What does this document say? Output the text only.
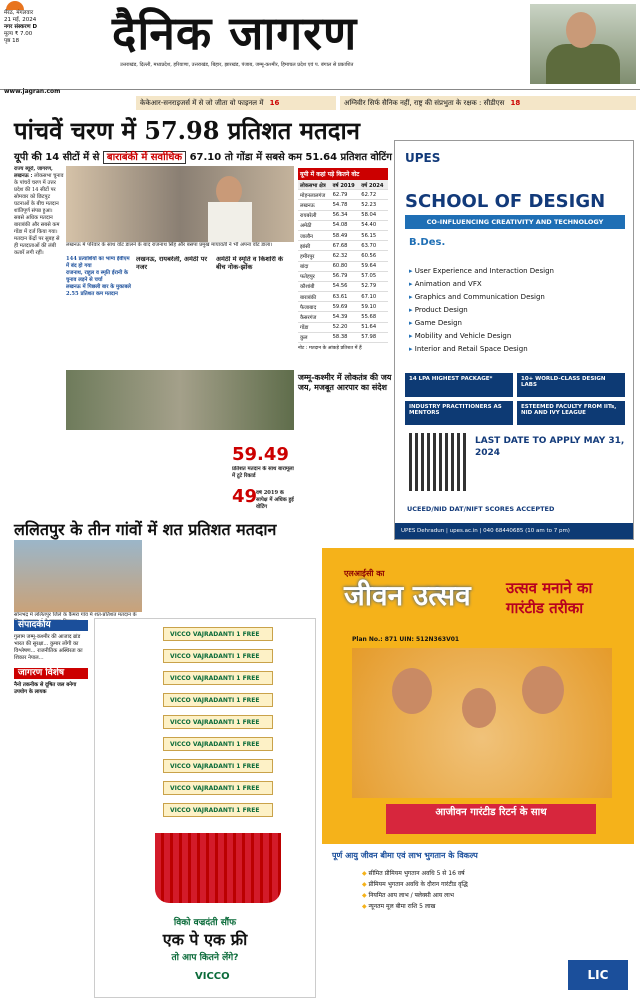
मेरठ, मंगलवार
21 मई, 2024
नगर संस्करण D
मूल्य ₹ 7.00
पृष्ठ 18	दैनिक जागरण
उत्तराखंड, दिल्ली, मध्यप्रदेश, हरियाणा, उत्तराखंड, बिहार, झारखंड, पंजाब, जम्मू-कश्मीर, हिमाचल प्रदेश एवं प. बंगाल से प्रकाशित
www.jagran.com
केकेआर-सनराइजर्स में से जो जीता वो फाइनल में 16	अग्निवीर सिर्फ सैनिक नहीं, राष्ट्र की संप्रभुता के रक्षक : सीडीएस 18
पांचवें चरण में 57.98 प्रतिशत मतदान
यूपी की 14 सीटों में से बाराबंकी में सर्वाधिक 67.10 तो गोंडा में सबसे कम 51.64 प्रतिशत वोटिंग
राज्य ब्यूरो, जागरण, लखनऊ : लोकसभा चुनाव के पांचवें चरण में उत्तर प्रदेश की 14 सीटों पर सोमवार को छिटपुट घटनाओं के बीच मतदान शांतिपूर्ण संपन्न हुआ। सबसे अधिक मतदान बाराबंकी और सबसे कम गोंडा में दर्ज किया गया। मतदान केंद्रों पर सुबह से ही मतदाताओं की लंबी कतारें लगी रहीं।
लखनऊ में परिवार के साथ वोट डालने के बाद राजनाथ सिंह और बसपा प्रमुख मायावती ने भी अपना वोट डाला।
144 प्रत्याशियों का भाग्य ईवीएम में बंद हो गया
राजनाथ, राहुल व स्मृति ईरानी के चुनाव लड़ने से चर्चा
लखनऊ में पिछली बार के मुकाबले 2.55 प्रतिशत कम मतदान
लखनऊ, रायबरेली, अमेठी पर नजर
अमेठी में स्मृति व किशोरी के बीच नोक-झोंक
यूपी में कहां पड़े कितने वोट
लोकसभा क्षेत्र	वर्ष 2019	वर्ष 2024
मोहनलालगंज	62.79	62.72
लखनऊ	54.78	52.23
रायबरेली	56.34	58.04
अमेठी	54.08	54.40
जालौन	58.49	56.15
झांसी	67.68	63.70
हमीरपुर	62.32	60.56
बांदा	60.80	59.64
फतेहपुर	56.79	57.05
कौशांबी	54.56	52.79
बाराबंकी	63.61	67.10
फैजाबाद	59.69	59.10
कैसरगंज	54.39	55.68
गोंडा	52.20	51.64
कुल	58.38	57.98
नोट : मतदान के आंकड़े प्रतिशत में हैं
59.49
प्रतिशत मतदान के साथ बारामूला में टूटे रिकार्ड
49
वर्ष 2019 के सापेक्ष में अधिक हुई वोटिंग
जम्मू-कश्मीर में लोकतंत्र की जय जय, मजबूत आरपार का संदेश
UPES
SCHOOL OF DESIGN
CO-INFLUENCING CREATIVITY AND TECHNOLOGY
B.Des.
▸ User Experience and Interaction Design
▸ Animation and VFX
▸ Graphics and Communication Design
▸ Product Design
▸ Game Design
▸ Mobility and Vehicle Design
▸ Interior and Retail Space Design
14 LPA HIGHEST PACKAGE*	10+ WORLD-CLASS DESIGN LABS
INDUSTRY PRACTITIONERS AS MENTORS
ESTEEMED FACULTY FROM IITs, NID AND IVY LEAGUE
LAST DATE TO APPLY MAY 31, 2024
UCEED/NID DAT/NIFT SCORES ACCEPTED
UPES Dehradun | upes.ac.in | 040 68440685 (10 am to 7 pm)
ललितपुर के तीन गांवों में शत प्रतिशत मतदान
सोनभद्र में ललितपुर जिले के कैमरा गांव में शत-प्रतिशत मतदान के
संपादकीय
गुलाम जम्मू-कश्मीर की आजाद ब्रांड भारत की सुरक्षा... कुमार लोंगी का विश्लेषण... राजनीतिक अस्थिरता का शिकार नेपाल...
जागरण विशेष
नैनो तकनीक से दूषित जल बनेगा उपयोग के लायक
VICCO VAJRADANTI 1 FREE
VICCO VAJRADANTI 1 FREE
VICCO VAJRADANTI 1 FREE
VICCO VAJRADANTI 1 FREE
VICCO VAJRADANTI 1 FREE
VICCO VAJRADANTI 1 FREE
VICCO VAJRADANTI 1 FREE
VICCO VAJRADANTI 1 FREE
VICCO VAJRADANTI 1 FREE
विको वज्रदंती सौंफ
एक पे एक फ्री
तो आप कितने लेंगे?
VICCO
एलआईसी का
जीवन उत्सव उत्सव मनाने का गारंटीड तरीका
Plan No.: 871 UIN: 512N363V01
आजीवन गारंटीड रिटर्न के साथ
पूर्ण आयु जीवन बीमा एवं लाभ भुगतान के विकल्प
◆ सीमित प्रीमियम भुगतान अवधि 5 से 16 वर्ष
◆ प्रीमियम भुगतान अवधि के दौरान गारंटीड वृद्धि
◆ नियमित आय लाभ / फ्लेक्सी आय लाभ
◆ न्यूनतम मूल बीमा राशि 5 लाख
LIC
